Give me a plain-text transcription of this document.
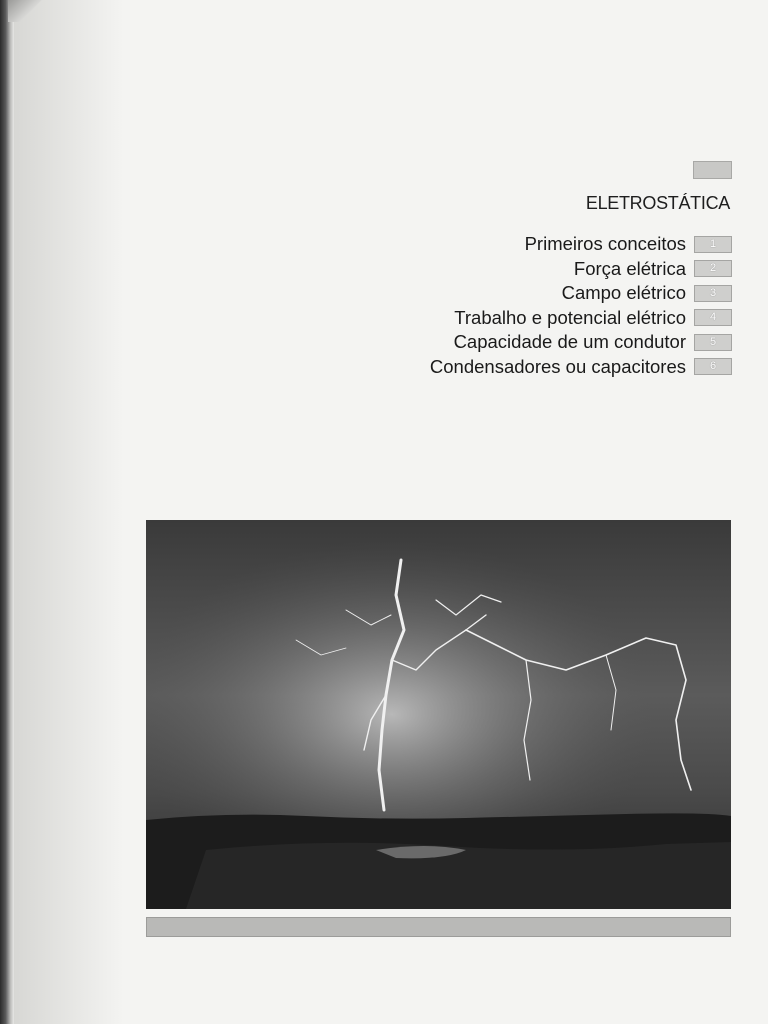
ELETROSTÁTICA
Primeiros conceitos	1
Força elétrica	2
Campo elétrico	3
Trabalho e potencial elétrico	4
Capacidade de um condutor	5
Condensadores ou capacitores	6
